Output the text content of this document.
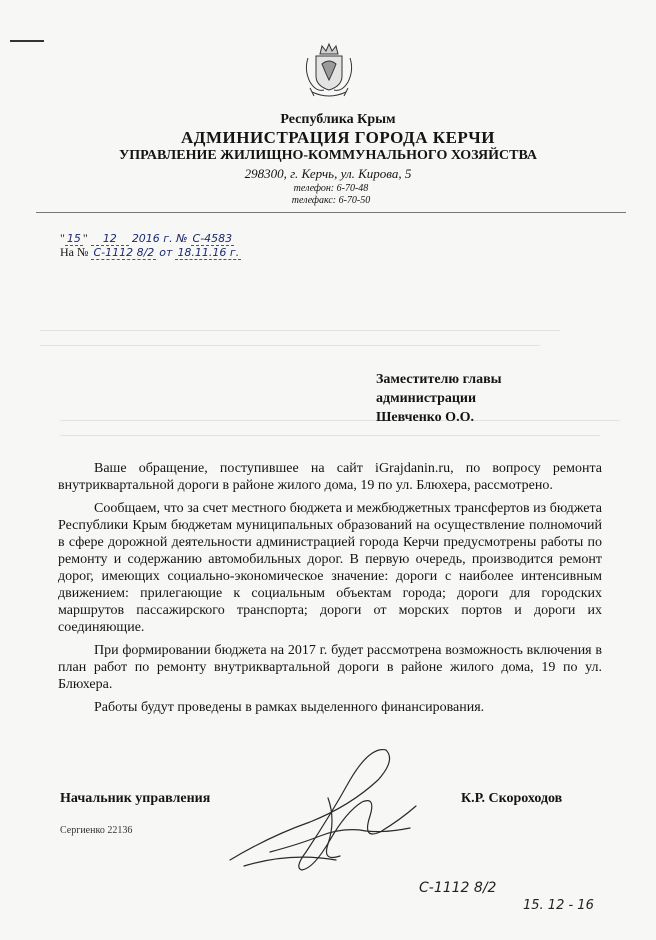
Республика Крым
АДМИНИСТРАЦИЯ ГОРОДА КЕРЧИ
УПРАВЛЕНИЕ ЖИЛИЩНО-КОММУНАЛЬНОГО ХОЗЯЙСТВА
298300, г. Керчь, ул. Кирова, 5
телефон: 6-70-48
телефакс: 6-70-50
" 15 " 12 2016 г. № С-4583
На № С-1112 8/2 от 18.11.16 г.
Заместителю главы
администрации
Шевченко О.О.

Ваше обращение, поступившее на сайт iGrajdanin.ru, по вопросу ремонта внутриквартальной дороги в районе жилого дома, 19 по ул. Блюхера, рассмотрено.

Сообщаем, что за счет местного бюджета и межбюджетных трансфертов из бюджета Республики Крым бюджетам муниципальных образований на осуществление полномочий в сфере дорожной деятельности администрацией города Керчи предусмотрены работы по ремонту и содержанию автомобильных дорог. В первую очередь, производится ремонт дорог, имеющих социально-экономическое значение: дороги с наиболее интенсивным движением: прилегающие к социальным объектам города; дороги для городских маршрутов пассажирского транспорта; дороги от морских портов и дороги их соединяющие.

При формировании бюджета на 2017 г. будет рассмотрена возможность включения в план работ по ремонту внутриквартальной дороги в районе жилого дома, 19 по ул. Блюхера.

Работы будут проведены в рамках выделенного финансирования.

Начальник управления	К.Р. Скороходов
Сергиенко 22136
С-1112 8/2
15. 12 - 16
